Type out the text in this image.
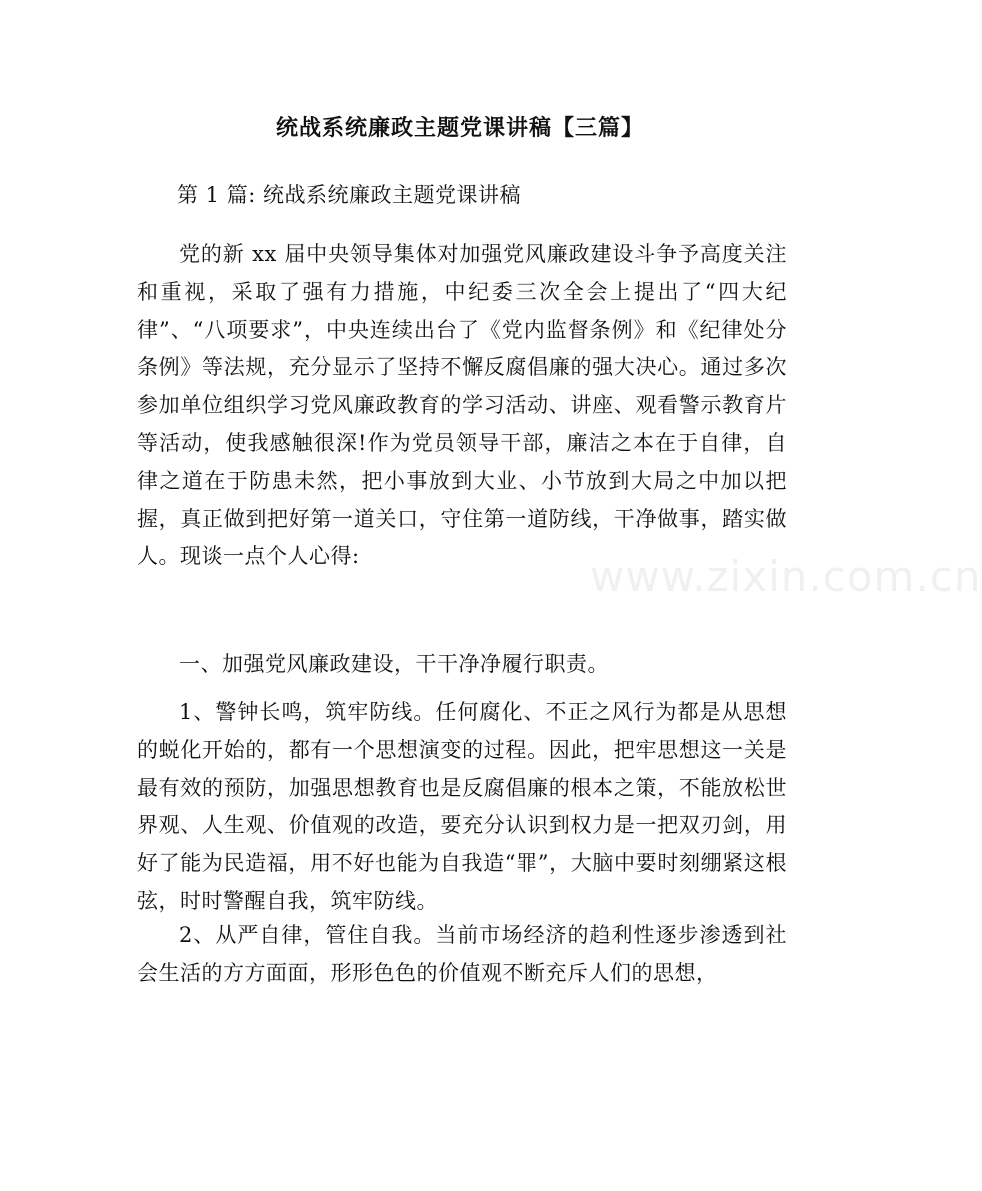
统战系统廉政主题党课讲稿【三篇】

第 1 篇: 统战系统廉政主题党课讲稿

党的新 xx 届中央领导集体对加强党风廉政建设斗争予高度关注和重视，采取了强有力措施，中纪委三次全会上提出了“四大纪律”、“八项要求”，中央连续出台了《党内监督条例》和《纪律处分条例》等法规，充分显示了坚持不懈反腐倡廉的强大决心。通过多次参加单位组织学习党风廉政教育的学习活动、讲座、观看警示教育片等活动，使我感触很深!作为党员领导干部，廉洁之本在于自律，自律之道在于防患未然，把小事放到大业、小节放到大局之中加以把握，真正做到把好第一道关口，守住第一道防线，干净做事，踏实做人。现谈一点个人心得:

一、加强党风廉政建设，干干净净履行职责。

1、警钟长鸣，筑牢防线。任何腐化、不正之风行为都是从思想的蜕化开始的，都有一个思想演变的过程。因此，把牢思想这一关是最有效的预防，加强思想教育也是反腐倡廉的根本之策，不能放松世界观、人生观、价值观的改造，要充分认识到权力是一把双刃剑，用好了能为民造福，用不好也能为自我造“罪”，大脑中要时刻绷紧这根弦，时时警醒自我，筑牢防线。

2、从严自律，管住自我。当前市场经济的趋利性逐步渗透到社会生活的方方面面，形形色色的价值观不断充斥人们的思想，

www.zixin.com.cn
